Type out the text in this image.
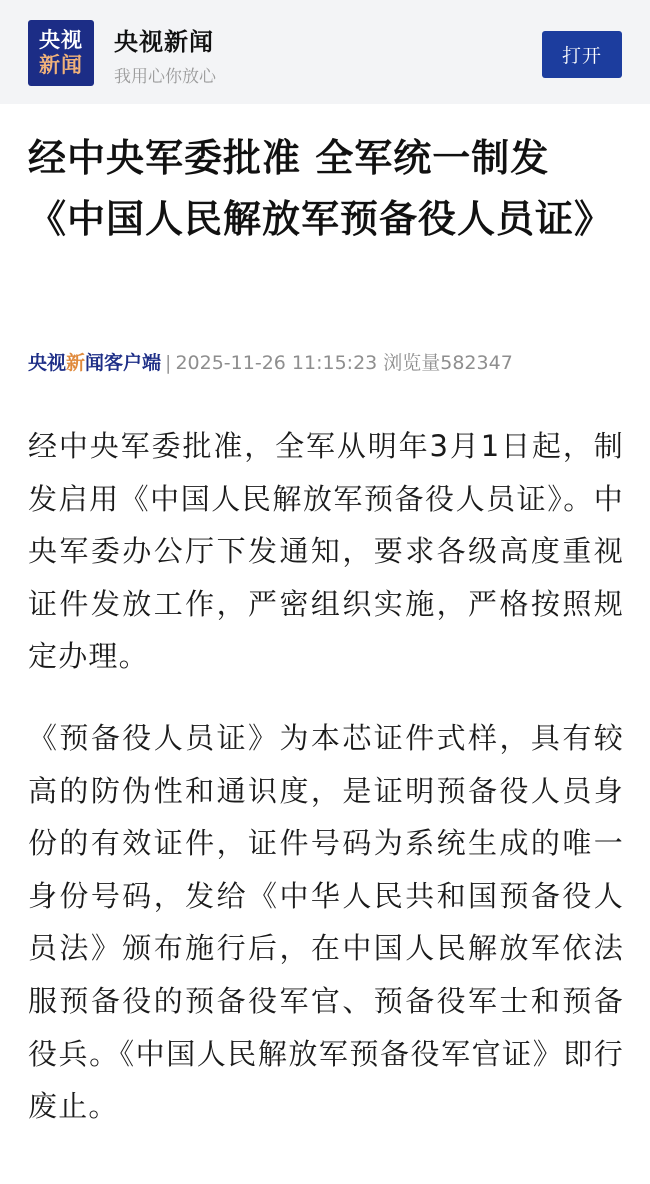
央视
新闻
央视新闻
我用心你放心
打开
经中央军委批准 全军统一制发《中国人民解放军预备役人员证》
央视新闻客户端 | 2025-11-26 11:15:23 浏览量582347

经中央军委批准，全军从明年3月1日起，制发启用《中国人民解放军预备役人员证》。中央军委办公厅下发通知，要求各级高度重视证件发放工作，严密组织实施，严格按照规定办理。

《预备役人员证》为本芯证件式样，具有较高的防伪性和通识度，是证明预备役人员身份的有效证件，证件号码为系统生成的唯一身份号码，发给《中华人民共和国预备役人员法》颁布施行后，在中国人民解放军依法服预备役的预备役军官、预备役军士和预备役兵。《中国人民解放军预备役军官证》即行废止。
